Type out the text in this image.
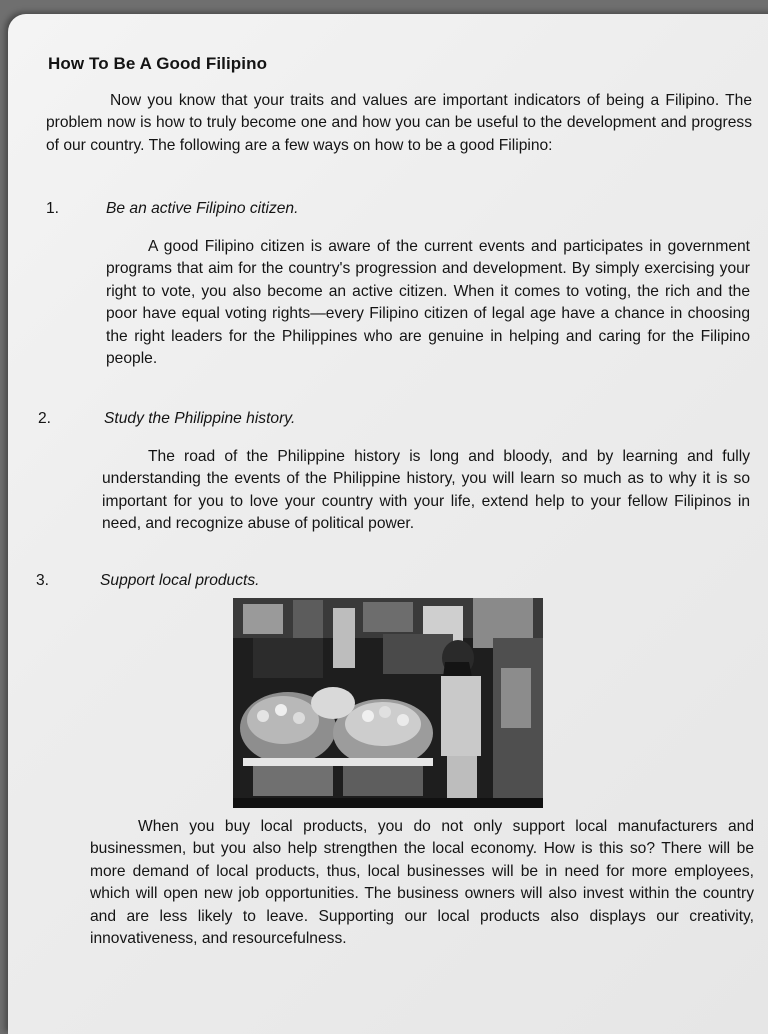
How To Be A Good Filipino

Now you know that your traits and values are important indicators of being a Filipino. The problem now is how to truly become one and how you can be useful to the development and progress of our country. The following are a few ways on how to be a good Filipino:

1.	Be an active Filipino citizen.

A good Filipino citizen is aware of the current events and participates in government programs that aim for the country's progression and development. By simply exercising your right to vote, you also become an active citizen. When it comes to voting, the rich and the poor have equal voting rights—every Filipino citizen of legal age have a chance in choosing the right leaders for the Philippines who are genuine in helping and caring for the Filipino people.

2.	Study the Philippine history.

The road of the Philippine history is long and bloody, and by learning and fully understanding the events of the Philippine history, you will learn so much as to why it is so important for you to love your country with your life, extend help to your fellow Filipinos in need, and recognize abuse of political power.

3.	Support local products.

When you buy local products, you do not only support local manufacturers and businessmen, but you also help strengthen the local economy. How is this so? There will be more demand of local products, thus, local businesses will be in need for more employees, which will open new job opportunities. The business owners will also invest within the country and are less likely to leave. Supporting our local products also displays our creativity, innovativeness, and resourcefulness.
